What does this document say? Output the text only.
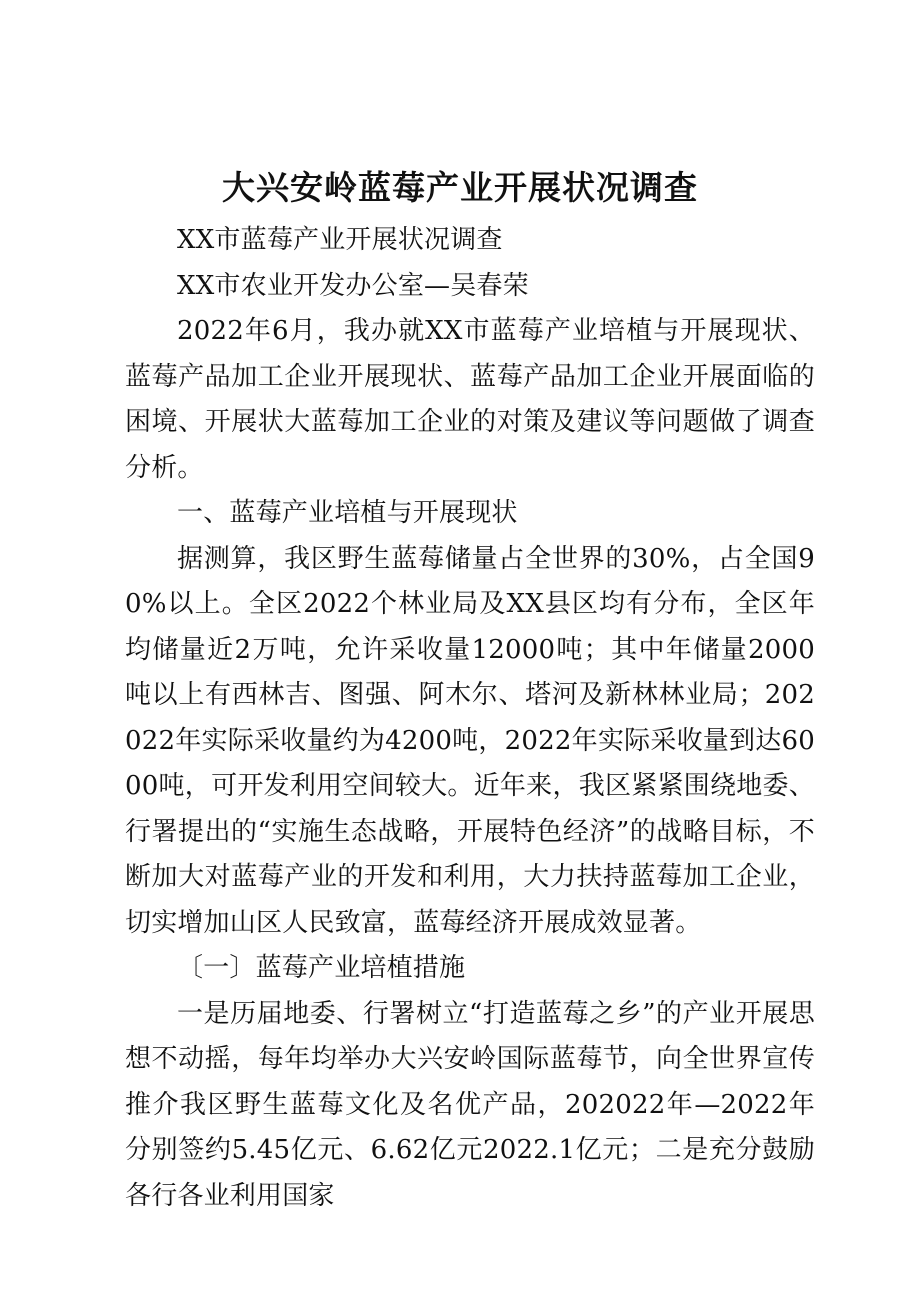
大兴安岭蓝莓产业开展状况调查

XX市蓝莓产业开展状况调查

XX市农业开发办公室—吴春荣

2022年6月，我办就XX市蓝莓产业培植与开展现状、蓝莓产品加工企业开展现状、蓝莓产品加工企业开展面临的困境、开展状大蓝莓加工企业的对策及建议等问题做了调查分析。

一、蓝莓产业培植与开展现状

据测算，我区野生蓝莓储量占全世界的30%，占全国90%以上。全区2022个林业局及XX县区均有分布，全区年均储量近2万吨，允许采收量12000吨；其中年储量2000吨以上有西林吉、图强、阿木尔、塔河及新林林业局；202022年实际采收量约为4200吨，2022年实际采收量到达6000吨，可开发利用空间较大。近年来，我区紧紧围绕地委、行署提出的“实施生态战略，开展特色经济”的战略目标，不断加大对蓝莓产业的开发和利用，大力扶持蓝莓加工企业，切实增加山区人民致富，蓝莓经济开展成效显著。

〔一〕蓝莓产业培植措施

一是历届地委、行署树立“打造蓝莓之乡”的产业开展思想不动摇，每年均举办大兴安岭国际蓝莓节，向全世界宣传推介我区野生蓝莓文化及名优产品，202022年—2022年分别签约5.45亿元、6.62亿元2022.1亿元；二是充分鼓励各行各业利用国家
